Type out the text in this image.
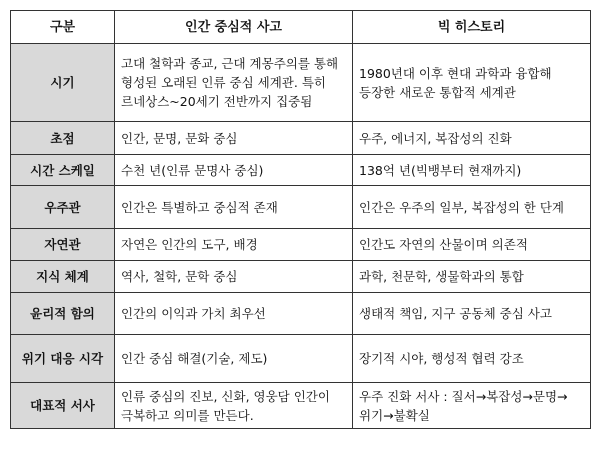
구분	인간 중심적 사고	빅 히스토리
시기	고대 철학과 종교, 근대 계몽주의를 통해 형성된 오래된 인류 중심 세계관. 특히 르네상스~20세기 전반까지 집중됨	1980년대 이후 현대 과학과 융합해 등장한 새로운 통합적 세계관
초점	인간, 문명, 문화 중심	우주, 에너지, 복잡성의 진화
시간 스케일	수천 년(인류 문명사 중심)	138억 년(빅뱅부터 현재까지)
우주관	인간은 특별하고 중심적 존재	인간은 우주의 일부, 복잡성의 한 단계
자연관	자연은 인간의 도구, 배경	인간도 자연의 산물이며 의존적
지식 체계	역사, 철학, 문학 중심	과학, 천문학, 생물학과의 통합
윤리적 함의	인간의 이익과 가치 최우선	생태적 책임, 지구 공동체 중심 사고
위기 대응 시각	인간 중심 해결(기술, 제도)	장기적 시야, 행성적 협력 강조
대표적 서사	인류 중심의 진보, 신화, 영웅담 인간이 극복하고 의미를 만든다.	우주 진화 서사 : 질서→복잡성→문명→위기→불확실
